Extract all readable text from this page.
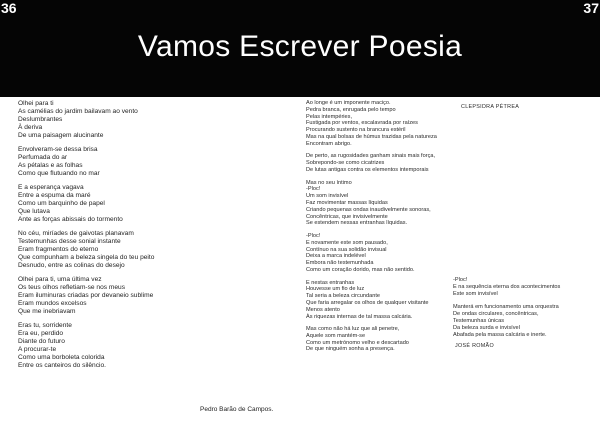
36	37
Vamos Escrever Poesia
Olhei para ti
As camélias do jardim bailavam ao vento
Deslumbrantes
À deriva
De uma paisagem alucinante
Envolveram-se dessa brisa
Perfumada do ar
As pétalas e as folhas
Como que flutuando no mar
E a esperança vagava
Entre a espuma da maré
Como um barquinho de papel
Que lutava
Ante as forças abissais do tormento
No céu, miríades de gaivotas planavam
Testemunhas desse sonial instante
Eram fragmentos do eterno
Que compunham a beleza singela do teu peito
Desnudo, entre as colinas do desejo
Olhei para ti, uma última vez
Os teus olhos refletiam-se nos meus
Eram iluminuras criadas por devaneio sublime
Eram mundos excelsos
Que me inebriavam
Eras tu, sorridente
Era eu, perdido
Diante do futuro
A procurar-te
Como uma borboleta colorida
Entre os canteiros do silêncio.
Pedro Barão de Campos.
Ao longe é um imponente maciço.
Pedra branca, enrugada pelo tempo
Pelas intempéries,
Fustigada por ventos, escalavrada por raízes
Procurando sustento na brancura estéril
Mas na qual bolsas de húmus trazidas pela natureza
Encontram abrigo.
De perto, as rugosidades ganham sinais mais força,
Sobrepondo-se como cicatrizes
De lutas antigas contra os elementos intemporais
Mas no seu íntimo
-Ploc!
Um som invisível
Faz movimentar massas líquidas
Criando pequenas ondas inaudivelmente sonoras,
Concêntricas, que invisivelmente
Se estendem nessas entranhas líquidas.
-Ploc!
E novamente este som pausado,
Contínuo na sua solidão invisual
Deixa a marca indelével
Embora não testemunhada
Como um coração dorido, mas não sentido.
E nestas entranhas
Houvesse um fio de luz
Tal seria a beleza circundante
Que faria arregalar os olhos de qualquer visitante
Menos atento
Às riquezas internas de tal massa calcária.
Mas como não há luz que ali penetre,
Aquele som mantém-se
Como um metrónomo velho e descartado
De que ninguém sonha a presença.
CLEPSIDRA PÉTREA
-Ploc!
E na sequência eterna dos acontecimentos
Este som invisível
Manterá em funcionamento uma orquestra
De ondas circulares, concêntricas,
Testemunhas únicas
Da beleza surda e invisível
Abafada pela massa calcária e inerte.
JOSÉ ROMÃO
